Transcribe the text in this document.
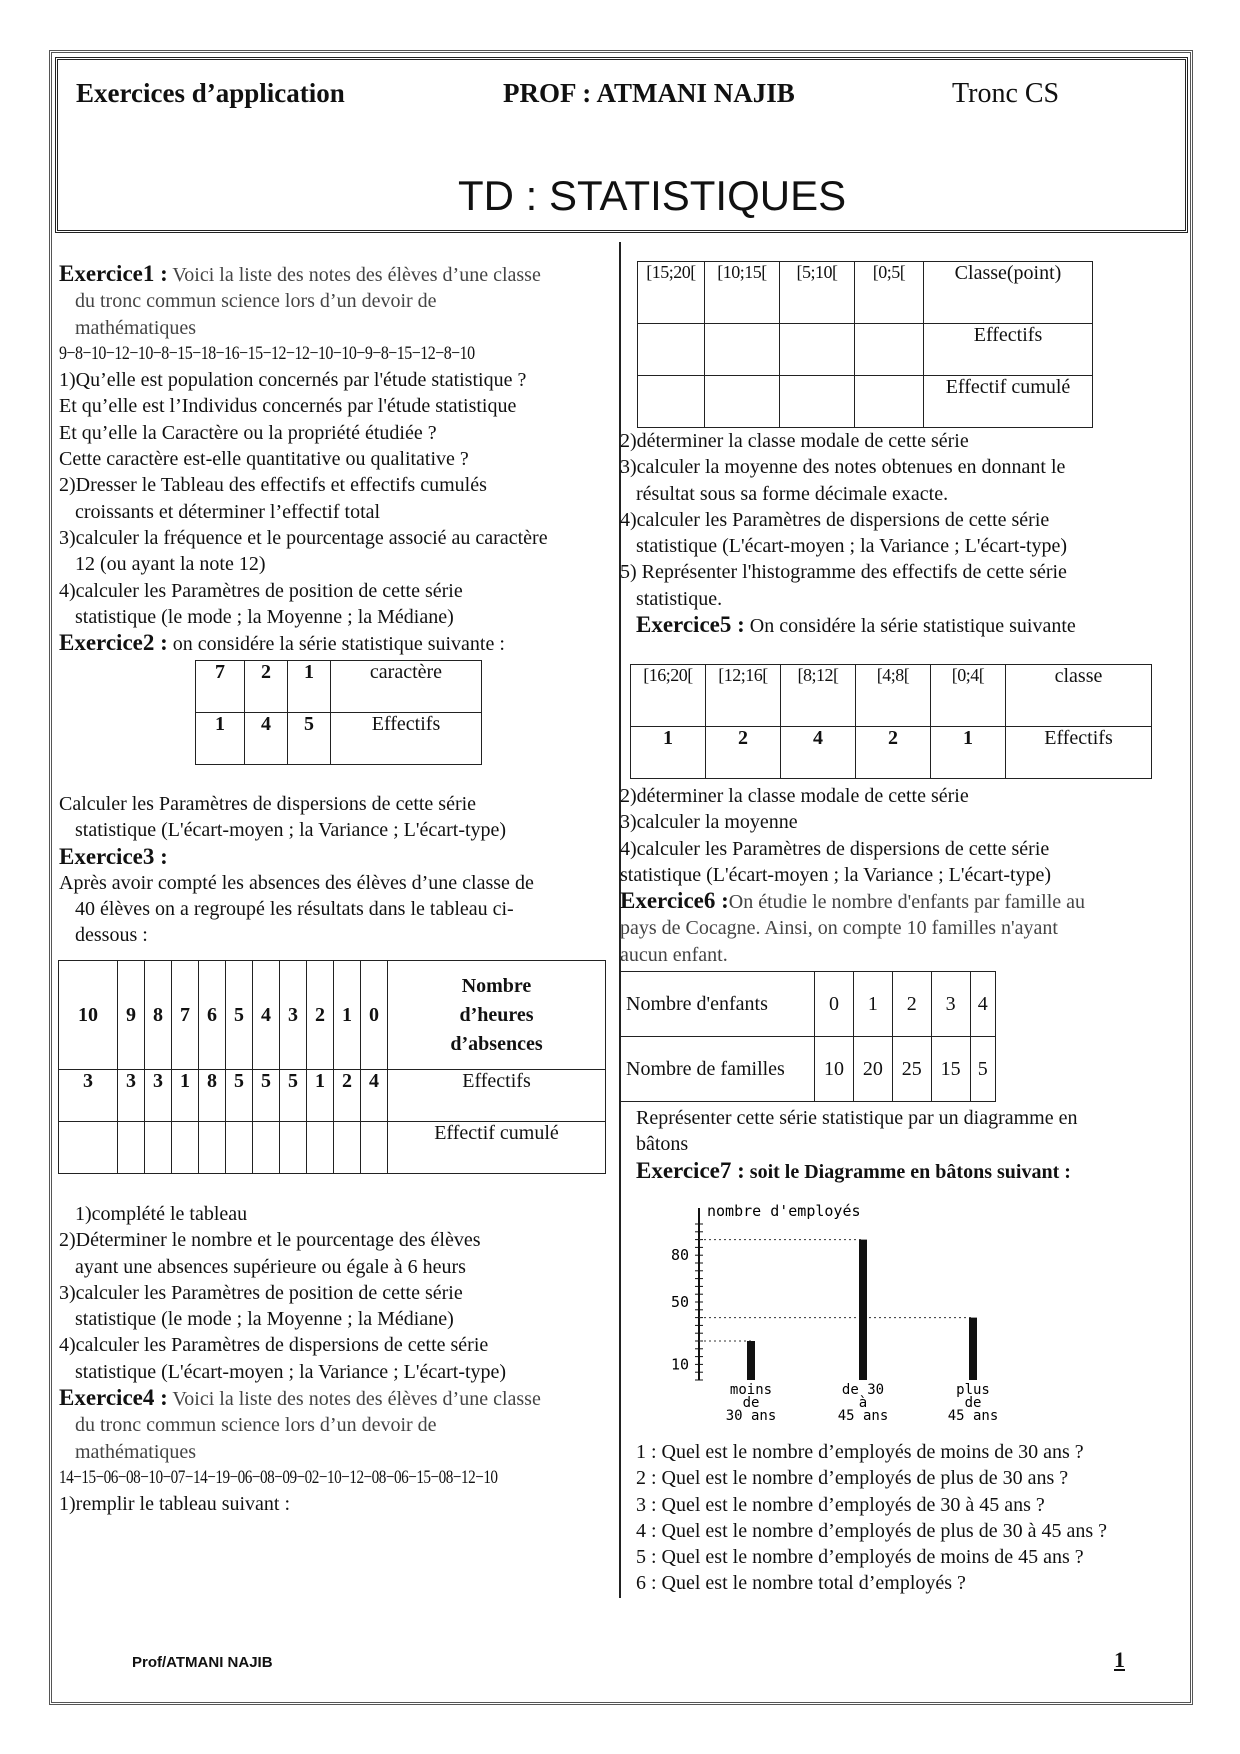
Exercices d’application	PROF : ATMANI NAJIB	Tronc CS
TD : STATISTIQUES

Exercice1 : Voici la liste des notes des élèves d’une classe

du tronc commun science lors d’un devoir de

mathématiques

9−8−10−12−10−8−15−18−16−15−12−12−10−10−9−8−15−12−8−10

1)Qu’elle est population concernés par l'étude statistique ?

Et qu’elle est l’Individus concernés par l'étude statistique

Et qu’elle la Caractère ou la propriété étudiée ?

Cette caractère est-elle quantitative ou qualitative ?

2)Dresser le Tableau des effectifs et effectifs cumulés

croissants et déterminer l’effectif total

3)calculer la fréquence et le pourcentage associé au caractère

12 (ou ayant la note 12)

4)calculer les Paramètres de position de cette série

statistique (le mode ; la Moyenne ; la Médiane)

Exercice2 : on considére la série statistique suivante :

7	2	1	caractère
1	4	5	Effectifs

Calculer les Paramètres de dispersions de cette série

statistique (L'écart-moyen ; la Variance ; L'écart-type)

Exercice3 :

Après avoir compté les absences des élèves d’une classe de

40 élèves on a regroupé les résultats dans le tableau ci-

dessous :

10	9	8	7	6	5	4	3	2	1	0	Nombre
d’heures
d’absences

3	3	3	1	8	5	5	5	1	2	4	Effectifs
											Effectif cumulé

1)complété le tableau

2)Déterminer le nombre et le pourcentage des élèves

ayant une absences supérieure ou égale à 6 heurs

3)calculer les Paramètres de position de cette série

statistique (le mode ; la Moyenne ; la Médiane)

4)calculer les Paramètres de dispersions de cette série

statistique (L'écart-moyen ; la Variance ; L'écart-type)

Exercice4 : Voici la liste des notes des élèves d’une classe

du tronc commun science lors d’un devoir de

mathématiques

14−15−06−08−10−07−14−19−06−08−09−02−10−12−08−06−15−08−12−10

1)remplir le tableau suivant :

[15;20[	[10;15[	[5;10[	[0;5[	Classe(point)
				Effectifs
				Effectif cumulé

2)déterminer la classe modale de cette série

3)calculer la moyenne des notes obtenues en donnant le

résultat sous sa forme décimale exacte.

4)calculer les Paramètres de dispersions de cette série

statistique (L'écart-moyen ; la Variance ; L'écart-type)

5) Représenter l'histogramme des effectifs de cette série

statistique.

Exercice5 : On considére la série statistique suivante

[16;20[	[12;16[	[8;12[	[4;8[	[0;4[	classe
1	2	4	2	1	Effectifs

2)déterminer la classe modale de cette série

3)calculer la moyenne

4)calculer les Paramètres de dispersions de cette série

statistique (L'écart-moyen ; la Variance ; L'écart-type)

Exercice6 :On étudie le nombre d'enfants par famille au

pays de Cocagne. Ainsi, on compte 10 familles n'ayant

aucun enfant.

Nombre d'enfants	0	1	2	3	4
Nombre de familles	10	20	25	15	5

Représenter cette série statistique par un diagramme en

bâtons

Exercice7 : soit le Diagramme en bâtons suivant :

nombre d'employés
10
50
80
moins
de
30 ans
de 30
à
45 ans
plus
de
45 ans

1 : Quel est le nombre d’employés de moins de 30 ans ?

2 : Quel est le nombre d’employés de plus de 30 ans ?

3 : Quel est le nombre d’employés de 30 à 45 ans ?

4 : Quel est le nombre d’employés de plus de 30 à 45 ans ?

5 : Quel est le nombre d’employés de moins de 45 ans ?

6 : Quel est le nombre total d’employés ?

Prof/ATMANI NAJIB	1
